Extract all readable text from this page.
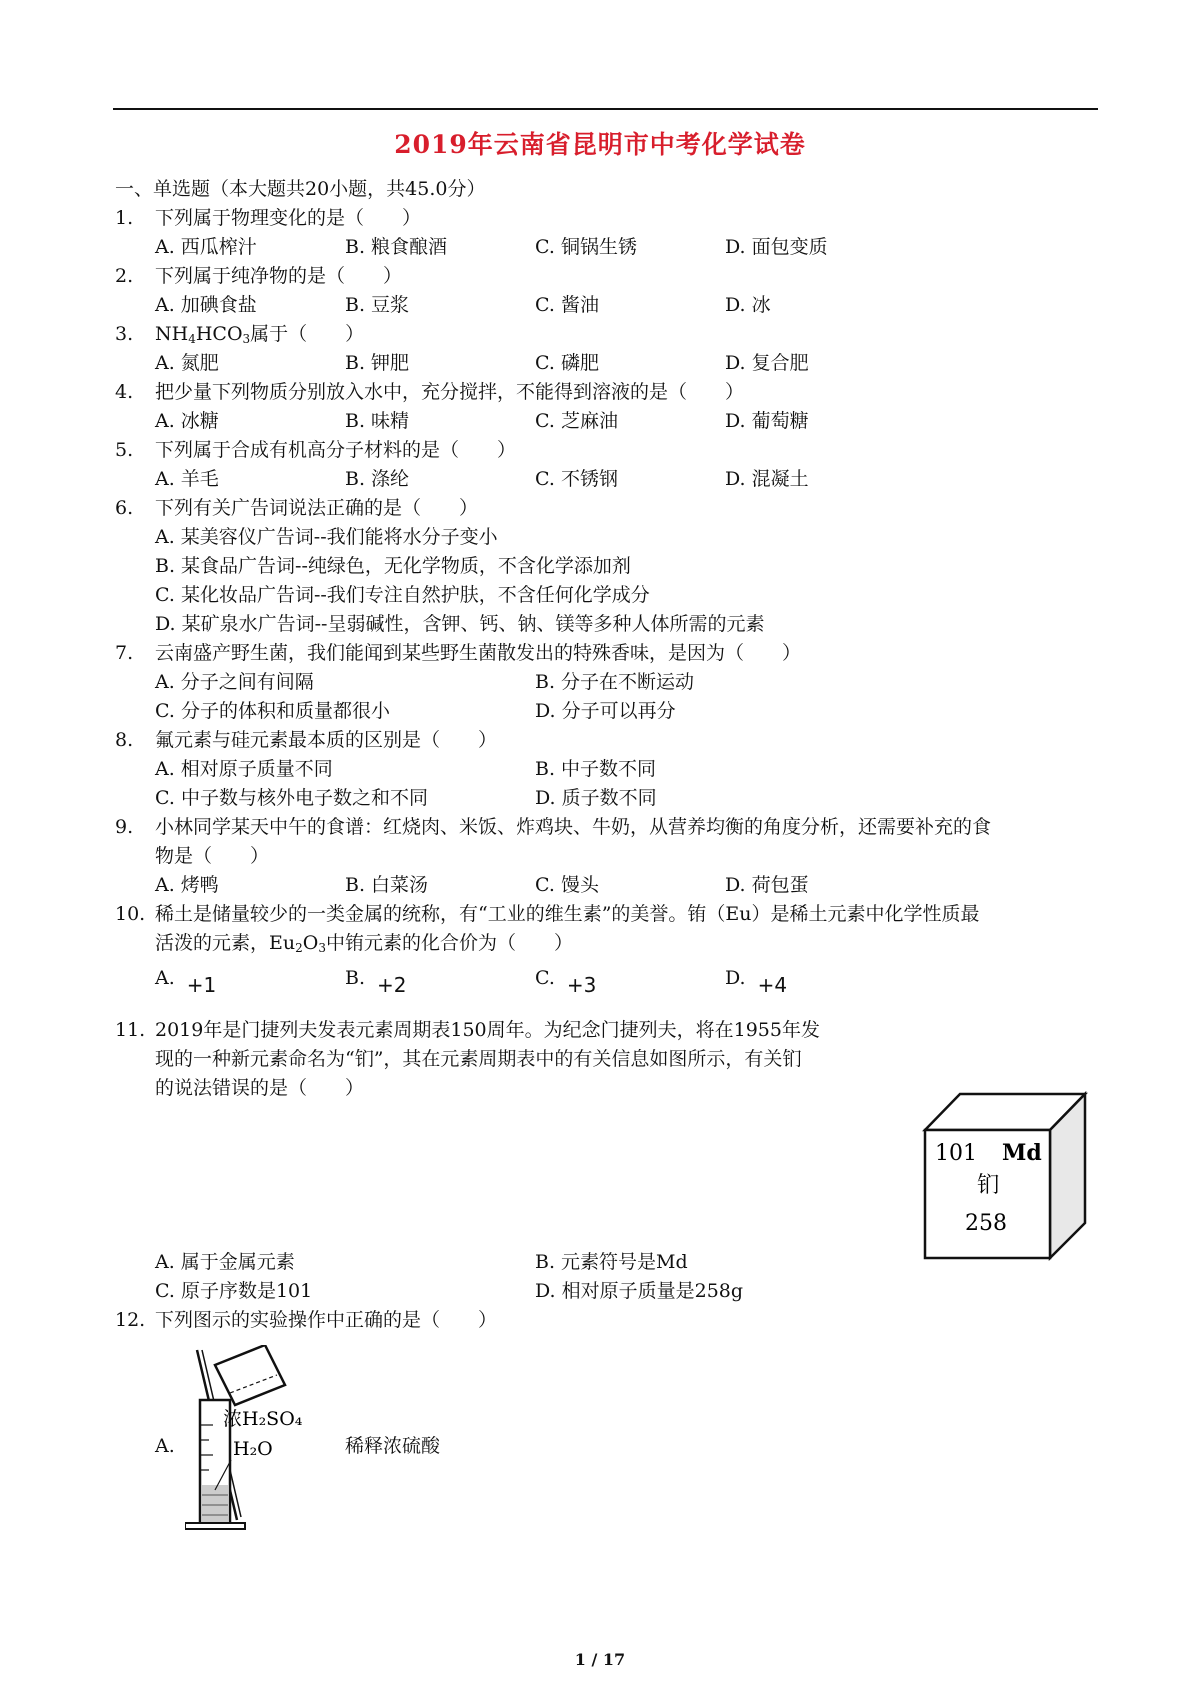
2019年云南省昆明市中考化学试卷
一、单选题（本大题共20小题，共45.0分）
1. 下列属于物理变化的是（　　）
A. 西瓜榨汁	B. 粮食酿酒	C. 铜锅生锈	D. 面包变质
2. 下列属于纯净物的是（　　）
A. 加碘食盐	B. 豆浆	C. 酱油	D. 冰
3. $NH_4HCO_3$属于（　　）
A. 氮肥	B. 钾肥	C. 磷肥	D. 复合肥
4. 把少量下列物质分别放入水中，充分搅拌，不能得到溶液的是（　　）
A. 冰糖	B. 味精	C. 芝麻油	D. 葡萄糖
5. 下列属于合成有机高分子材料的是（　　）
A. 羊毛	B. 涤纶	C. 不锈钢	D. 混凝土
6. 下列有关广告词说法正确的是（　　）
A. 某美容仪广告词--我们能将水分子变小
B. 某食品广告词--纯绿色，无化学物质，不含化学添加剂
C. 某化妆品广告词--我们专注自然护肤，不含任何化学成分
D. 某矿泉水广告词--呈弱碱性，含钾、钙、钠、镁等多种人体所需的元素
7. 云南盛产野生菌，我们能闻到某些野生菌散发出的特殊香味，是因为（　　）
A. 分子之间有间隔	B. 分子在不断运动
C. 分子的体积和质量都很小	D. 分子可以再分
8. 氟元素与硅元素最本质的区别是（　　）
A. 相对原子质量不同	B. 中子数不同
C. 中子数与核外电子数之和不同	D. 质子数不同
9. 小林同学某天中午的食谱：红烧肉、米饭、炸鸡块、牛奶，从营养均衡的角度分析，还需要补充的食
物是（　　）
A. 烤鸭	B. 白菜汤	C. 馒头	D. 荷包蛋
10. 稀土是储量较少的一类金属的统称，有“工业的维生素”的美誉。铕（Eu）是稀土元素中化学性质最
活泼的元素，$Eu_2O_3$中铕元素的化合价为（　　）
A. +1	B. +2	C. +3	D. +4
11. 2019年是门捷列夫发表元素周期表150周年。为纪念门捷列夫，将在1955年发
现的一种新元素命名为“钔”，其在元素周期表中的有关信息如图所示，有关钔
的说法错误的是（　　）
101 Md
钔
258
A. 属于金属元素	B. 元素符号是Md
C. 原子序数是101	D. 相对原子质量是258g
12. 下列图示的实验操作中正确的是（　　）
A.
浓H₂SO₄
H₂O	稀释浓硫酸
1 / 17
